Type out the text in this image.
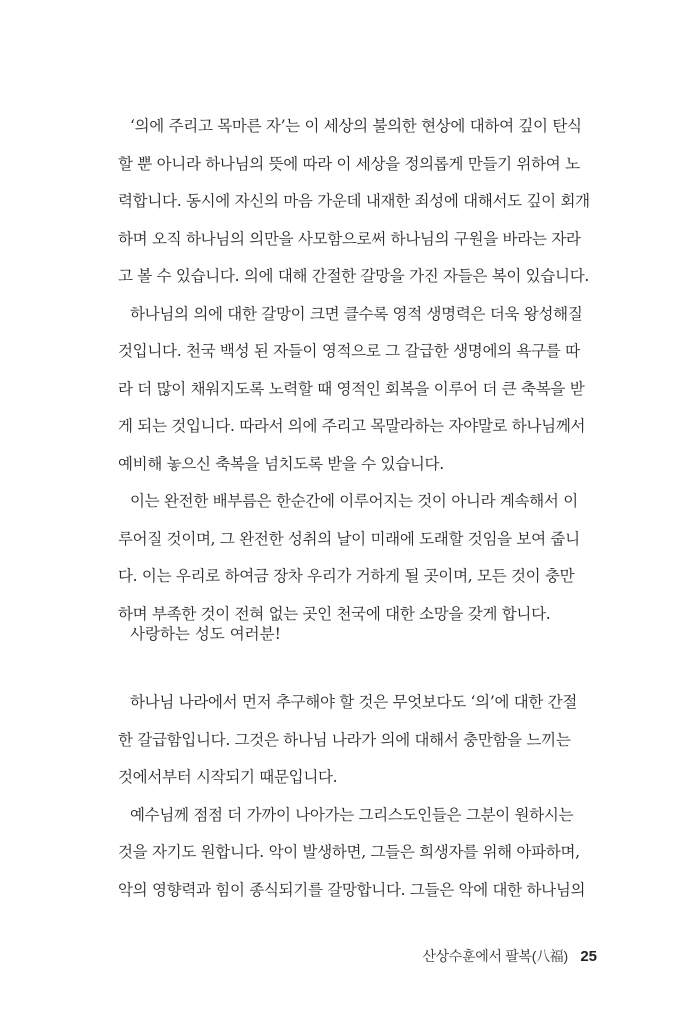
‘의에 주리고 목마른 자’는 이 세상의 불의한 현상에 대하여 깊이 탄식
할 뿐 아니라 하나님의 뜻에 따라 이 세상을 정의롭게 만들기 위하여 노
력합니다. 동시에 자신의 마음 가운데 내재한 죄성에 대해서도 깊이 회개
하며 오직 하나님의 의만을 사모함으로써 하나님의 구원을 바라는 자라
고 볼 수 있습니다. 의에 대해 간절한 갈망을 가진 자들은 복이 있습니다.
하나님의 의에 대한 갈망이 크면 클수록 영적 생명력은 더욱 왕성해질
것입니다. 천국 백성 된 자들이 영적으로 그 갈급한 생명에의 욕구를 따
라 더 많이 채워지도록 노력할 때 영적인 회복을 이루어 더 큰 축복을 받
게 되는 것입니다. 따라서 의에 주리고 목말라하는 자야말로 하나님께서
예비해 놓으신 축복을 넘치도록 받을 수 있습니다.
이는 완전한 배부름은 한순간에 이루어지는 것이 아니라 계속해서 이
루어질 것이며, 그 완전한 성취의 날이 미래에 도래할 것임을 보여 줍니
다. 이는 우리로 하여금 장차 우리가 거하게 될 곳이며, 모든 것이 충만
하며 부족한 것이 전혀 없는 곳인 천국에 대한 소망을 갖게 합니다.
사랑하는 성도 여러분!
하나님 나라에서 먼저 추구해야 할 것은 무엇보다도 ‘의’에 대한 간절
한 갈급함입니다. 그것은 하나님 나라가 의에 대해서 충만함을 느끼는
것에서부터 시작되기 때문입니다.
예수님께 점점 더 가까이 나아가는 그리스도인들은 그분이 원하시는
것을 자기도 원합니다. 악이 발생하면, 그들은 희생자를 위해 아파하며,
악의 영향력과 힘이 종식되기를 갈망합니다. 그들은 악에 대한 하나님의
산상수훈에서 팔복(八福) 25
